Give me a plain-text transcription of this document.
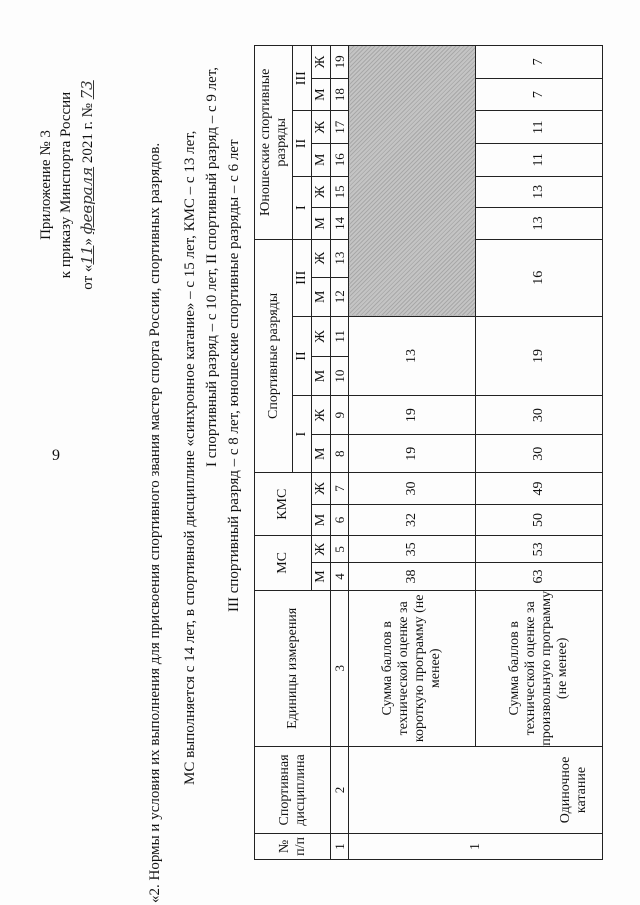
9
Приложение № 3 к приказу Минспорта России от «11» февраля 2021 г. № 73
«2. Нормы и условия их выполнения для присвоения спортивного звания мастер спорта России, спортивных разрядов. МС выполняется с 14 лет, в спортивной дисциплине «синхронное катание» – с 15 лет, КМС – с 13 лет, I спортивный разряд – с 10 лет, II спортивный разряд – с 9 лет, III спортивный разряд – с 8 лет, юношеские спортивные разряды – с 6 лет
№ п/п	Спортивная дисциплина	Единицы измерения	МС		КМС		Спортивные разряды						Юношеские спортивные разряды					
							I		II		III		I		II		III	
			М	Ж	М	Ж	М	Ж	М	Ж	М	Ж	М	Ж	М	Ж	М	Ж
1	2	3	4	5	6	7	8	9	10	11	12	13	14	15	16	17	18	19
1	Одиночное катание	Сумма баллов в технической оценке за короткую программу (не менее)	38	35	32	30	19	19	13									
		Сумма баллов в технической оценке за произвольную программу (не менее)	63	53	50	49	30	30	19		16		13	13	11	11	7	7
